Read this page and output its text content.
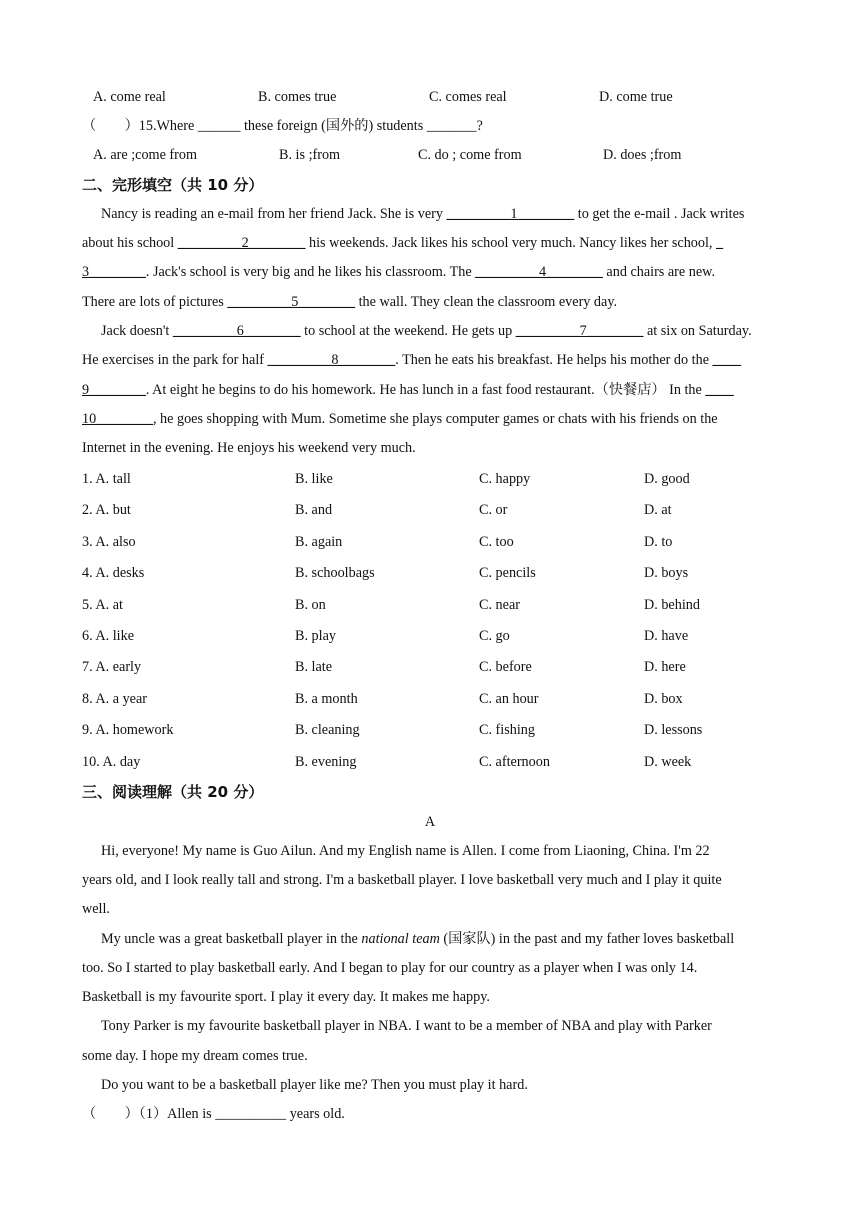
A. come real	B. comes true	C. comes real	D. come true
（　　）15.Where ______ these foreign (国外的) students _______?
A. are ;come from	B. is ;from	C. do ; come from	D. does ;from
二、完形填空（共 10 分）
Nancy is reading an e-mail from her friend Jack. She is very _________1________ to get the e-mail . Jack writes
about his school _________2________ his weekends. Jack likes his school very much. Nancy likes her school, _
3________. Jack's school is very big and he likes his classroom. The _________4________ and chairs are new.
There are lots of pictures _________5________ the wall. They clean the classroom every day.
Jack doesn't _________6________ to school at the weekend. He gets up _________7________ at six on Saturday.
He exercises in the park for half _________8________. Then he eats his breakfast. He helps his mother do the ____
9________. At eight he begins to do his homework. He has lunch in a fast food restaurant.（快餐店） In the ____
10________, he goes shopping with Mum. Sometime she plays computer games or chats with his friends on the
Internet in the evening. He enjoys his weekend very much.
1. A. tall	B. like	C. happy	D. good
2. A. but	B. and	C. or	D. at
3. A. also	B. again	C. too	D. to
4. A. desks	B. schoolbags	C. pencils	D. boys
5. A. at	B. on	C. near	D. behind
6. A. like	B. play	C. go	D. have
7. A. early	B. late	C. before	D. here
8. A. a year	B. a month	C. an hour	D. box
9. A. homework	B. cleaning	C. fishing	D. lessons
10. A. day	B. evening	C. afternoon	D. week
三、阅读理解（共 20 分）
A
Hi, everyone! My name is Guo Ailun. And my English name is Allen. I come from Liaoning, China. I'm 22
years old, and I look really tall and strong. I'm a basketball player. I love basketball very much and I play it quite
well.
My uncle was a great basketball player in the national team (国家队) in the past and my father loves basketball
too. So I started to play basketball early. And I began to play for our country as a player when I was only 14.
Basketball is my favourite sport. I play it every day. It makes me happy.
Tony Parker is my favourite basketball player in NBA. I want to be a member of NBA and play with Parker
some day. I hope my dream comes true.
Do you want to be a basketball player like me? Then you must play it hard.
（　　）（1）Allen is __________ years old.
